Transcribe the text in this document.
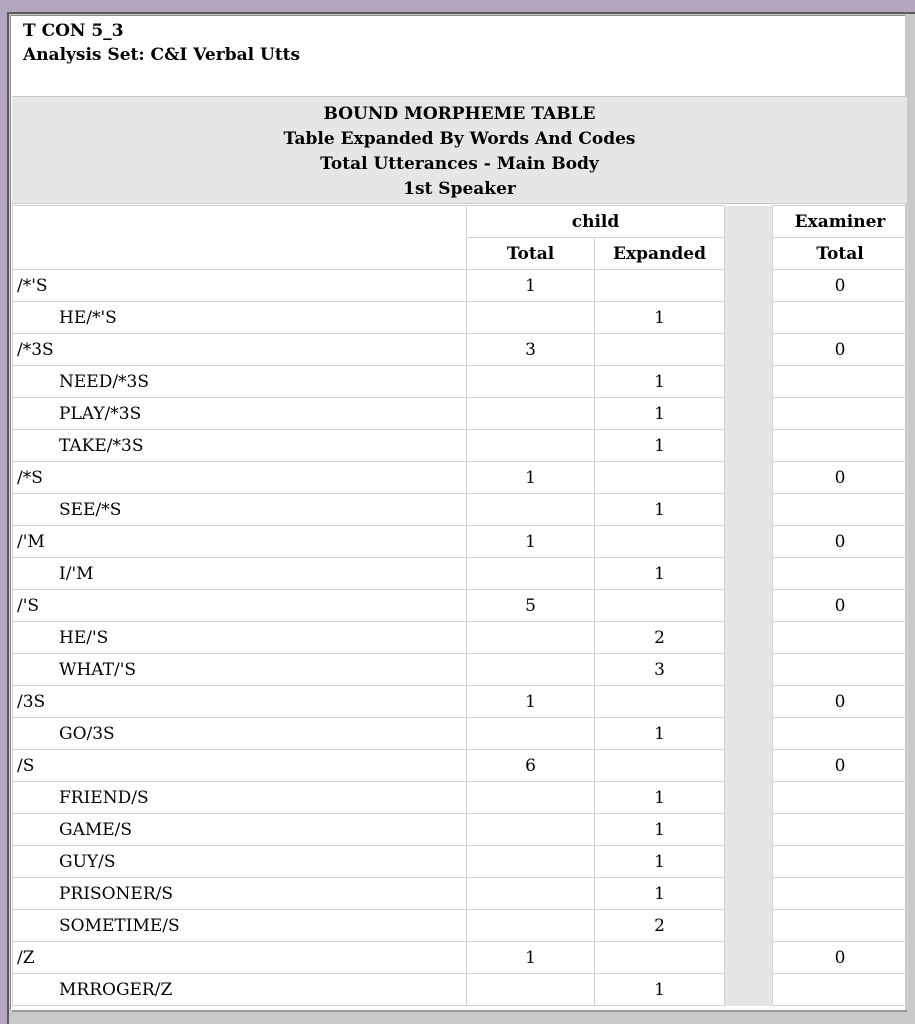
T CON 5_3
Analysis Set: C&I Verbal Utts
BOUND MORPHEME TABLE
Table Expanded By Words And Codes
Total Utterances - Main Body
1st Speaker
	child			Examiner
	Total	Expanded		Total
/*'S	1			0
HE/*'S		1		
/*3S	3			0
NEED/*3S		1		
PLAY/*3S		1		
TAKE/*3S		1		
/*S	1			0
SEE/*S		1		
/'M	1			0
I/'M		1		
/'S	5			0
HE/'S		2		
WHAT/'S		3		
/3S	1			0
GO/3S		1		
/S	6			0
FRIEND/S		1		
GAME/S		1		
GUY/S		1		
PRISONER/S		1		
SOMETIME/S		2		
/Z	1			0
MRROGER/Z		1		
